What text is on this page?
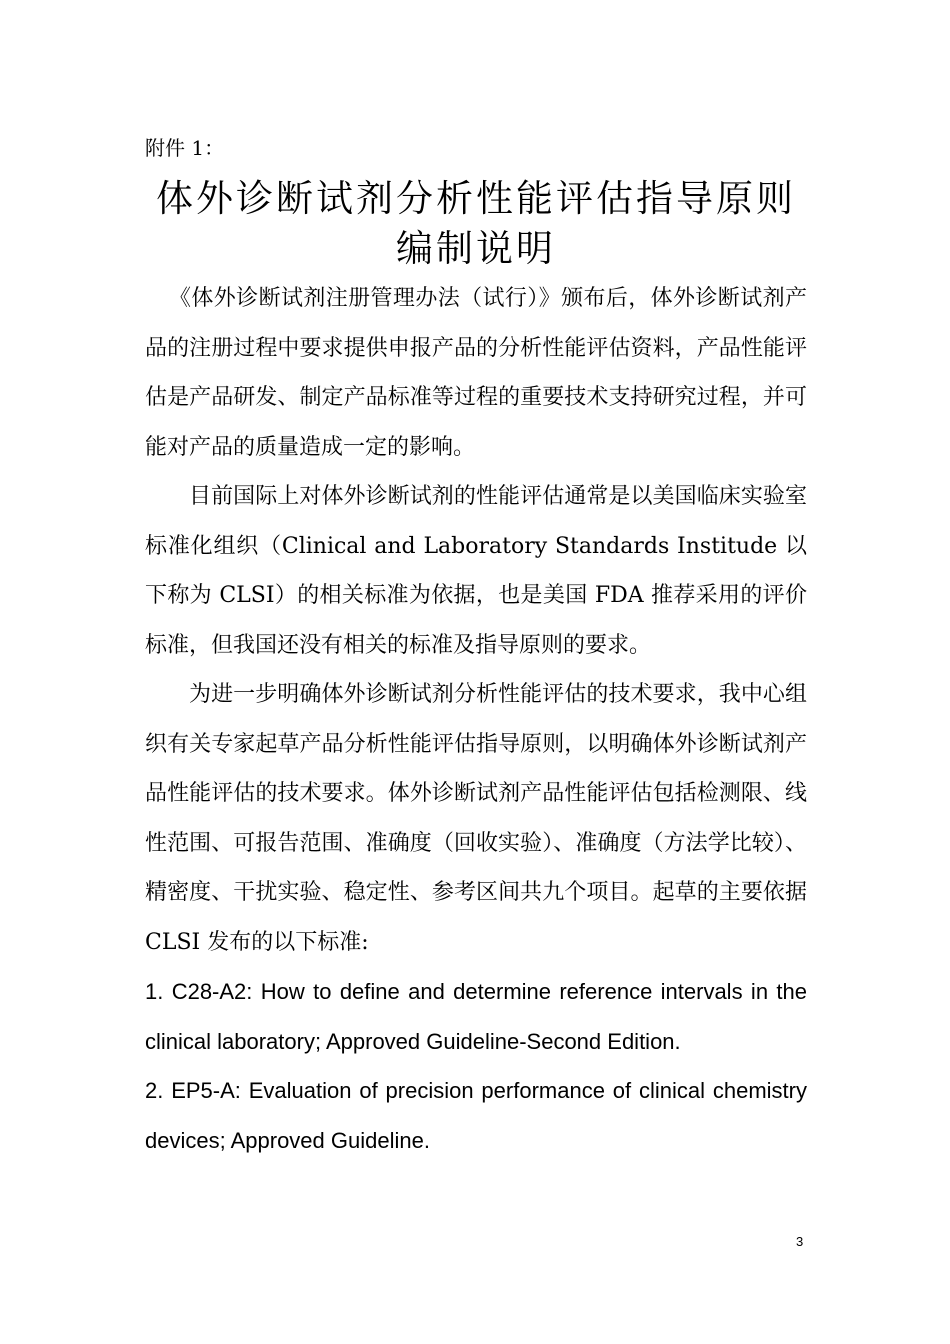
附件 1：

体外诊断试剂分析性能评估指导原则
编制说明

《体外诊断试剂注册管理办法（试行）》颁布后，体外诊断试剂产品的注册过程中要求提供申报产品的分析性能评估资料，产品性能评估是产品研发、制定产品标准等过程的重要技术支持研究过程，并可能对产品的质量造成一定的影响。

目前国际上对体外诊断试剂的性能评估通常是以美国临床实验室标准化组织（Clinical and Laboratory Standards Institude 以下称为 CLSI）的相关标准为依据，也是美国 FDA 推荐采用的评价标准，但我国还没有相关的标准及指导原则的要求。

为进一步明确体外诊断试剂分析性能评估的技术要求，我中心组织有关专家起草产品分析性能评估指导原则，以明确体外诊断试剂产品性能评估的技术要求。体外诊断试剂产品性能评估包括检测限、线性范围、可报告范围、准确度（回收实验）、准确度（方法学比较）、精密度、干扰实验、稳定性、参考区间共九个项目。起草的主要依据 CLSI 发布的以下标准:

1. C28-A2: How to define and determine reference intervals in the clinical laboratory; Approved Guideline-Second Edition.

2. EP5-A: Evaluation of precision performance of clinical chemistry devices; Approved Guideline.

3
